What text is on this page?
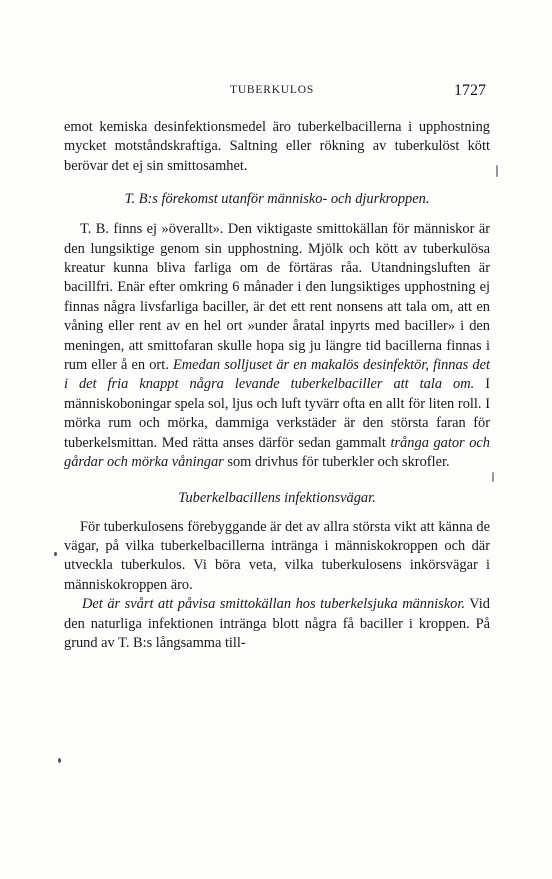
TUBERKULOS	1727

emot kemiska desinfektionsmedel äro tuberkelbacillerna i upphostning mycket motståndskraftiga. Saltning eller rökning av tuberkulöst kött berövar det ej sin smittosamhet.

T. B:s förekomst utanför människo- och djurkroppen.

T. B. finns ej »överallt». Den viktigaste smittokällan för människor är den lungsiktige genom sin upphostning. Mjölk och kött av tuberkulösa kreatur kunna bliva farliga om de förtäras råa. Utandningsluften är bacillfri. Enär efter omkring 6 månader i den lungsiktiges upphostning ej finnas några livsfarliga baciller, är det ett rent nonsens att tala om, att en våning eller rent av en hel ort »under åratal inpyrts med baciller» i den meningen, att smittofaran skulle hopa sig ju längre tid bacillerna finnas i rum eller å en ort. Emedan solljuset är en makalös desinfektör, finnas det i det fria knappt några levande tuberkelbaciller att tala om. I människoboningar spela sol, ljus och luft tyvärr ofta en allt för liten roll. I mörka rum och mörka, dammiga verkstäder är den största faran för tuberkelsmittan. Med rätta anses därför sedan gammalt trånga gator och gårdar och mörka våningar som drivhus för tuberkler och skrofler.

Tuberkelbacillens infektionsvägar.

För tuberkulosens förebyggande är det av allra största vikt att känna de vägar, på vilka tuberkelbacillerna intränga i människokroppen och där utveckla tuberkulos. Vi böra veta, vilka tuberkulosens inkörsvägar i människokroppen äro.

Det är svårt att påvisa smittokällan hos tuberkelsjuka människor. Vid den naturliga infektionen intränga blott några få baciller i kroppen. På grund av T. B:s långsamma till-
